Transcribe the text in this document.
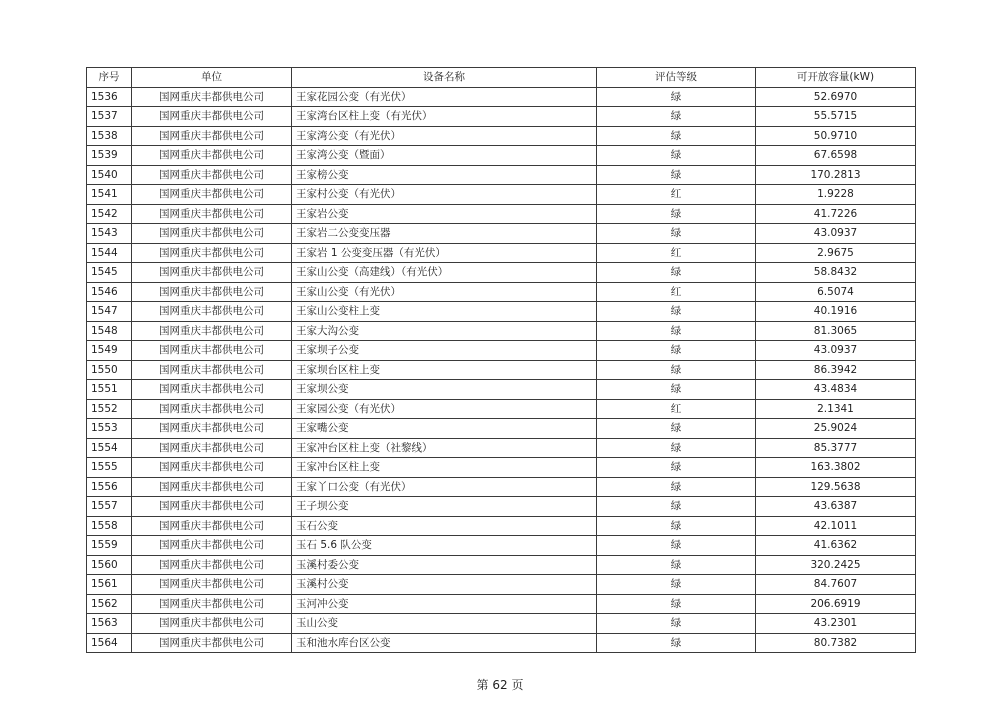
序号	单位	设备名称	评估等级	可开放容量(kW)
1536	国网重庆丰都供电公司	王家花园公变（有光伏）	绿	52.6970
1537	国网重庆丰都供电公司	王家湾台区柱上变（有光伏）	绿	55.5715
1538	国网重庆丰都供电公司	王家湾公变（有光伏）	绿	50.9710
1539	国网重庆丰都供电公司	王家湾公变（暨面）	绿	67.6598
1540	国网重庆丰都供电公司	王家榜公变	绿	170.2813
1541	国网重庆丰都供电公司	王家村公变（有光伏）	红	1.9228
1542	国网重庆丰都供电公司	王家岩公变	绿	41.7226
1543	国网重庆丰都供电公司	王家岩二公变变压器	绿	43.0937
1544	国网重庆丰都供电公司	王家岩 1 公变变压器（有光伏）	红	2.9675
1545	国网重庆丰都供电公司	王家山公变（高建线）（有光伏）	绿	58.8432
1546	国网重庆丰都供电公司	王家山公变（有光伏）	红	6.5074
1547	国网重庆丰都供电公司	王家山公变柱上变	绿	40.1916
1548	国网重庆丰都供电公司	王家大沟公变	绿	81.3065
1549	国网重庆丰都供电公司	王家坝子公变	绿	43.0937
1550	国网重庆丰都供电公司	王家坝台区柱上变	绿	86.3942
1551	国网重庆丰都供电公司	王家坝公变	绿	43.4834
1552	国网重庆丰都供电公司	王家园公变（有光伏）	红	2.1341
1553	国网重庆丰都供电公司	王家嘴公变	绿	25.9024
1554	国网重庆丰都供电公司	王家冲台区柱上变（社黎线）	绿	85.3777
1555	国网重庆丰都供电公司	王家冲台区柱上变	绿	163.3802
1556	国网重庆丰都供电公司	王家丫口公变（有光伏）	绿	129.5638
1557	国网重庆丰都供电公司	王子坝公变	绿	43.6387
1558	国网重庆丰都供电公司	玉石公变	绿	42.1011
1559	国网重庆丰都供电公司	玉石 5.6 队公变	绿	41.6362
1560	国网重庆丰都供电公司	玉溪村委公变	绿	320.2425
1561	国网重庆丰都供电公司	玉溪村公变	绿	84.7607
1562	国网重庆丰都供电公司	玉河冲公变	绿	206.6919
1563	国网重庆丰都供电公司	玉山公变	绿	43.2301
1564	国网重庆丰都供电公司	玉和池水库台区公变	绿	80.7382
第 62 页
